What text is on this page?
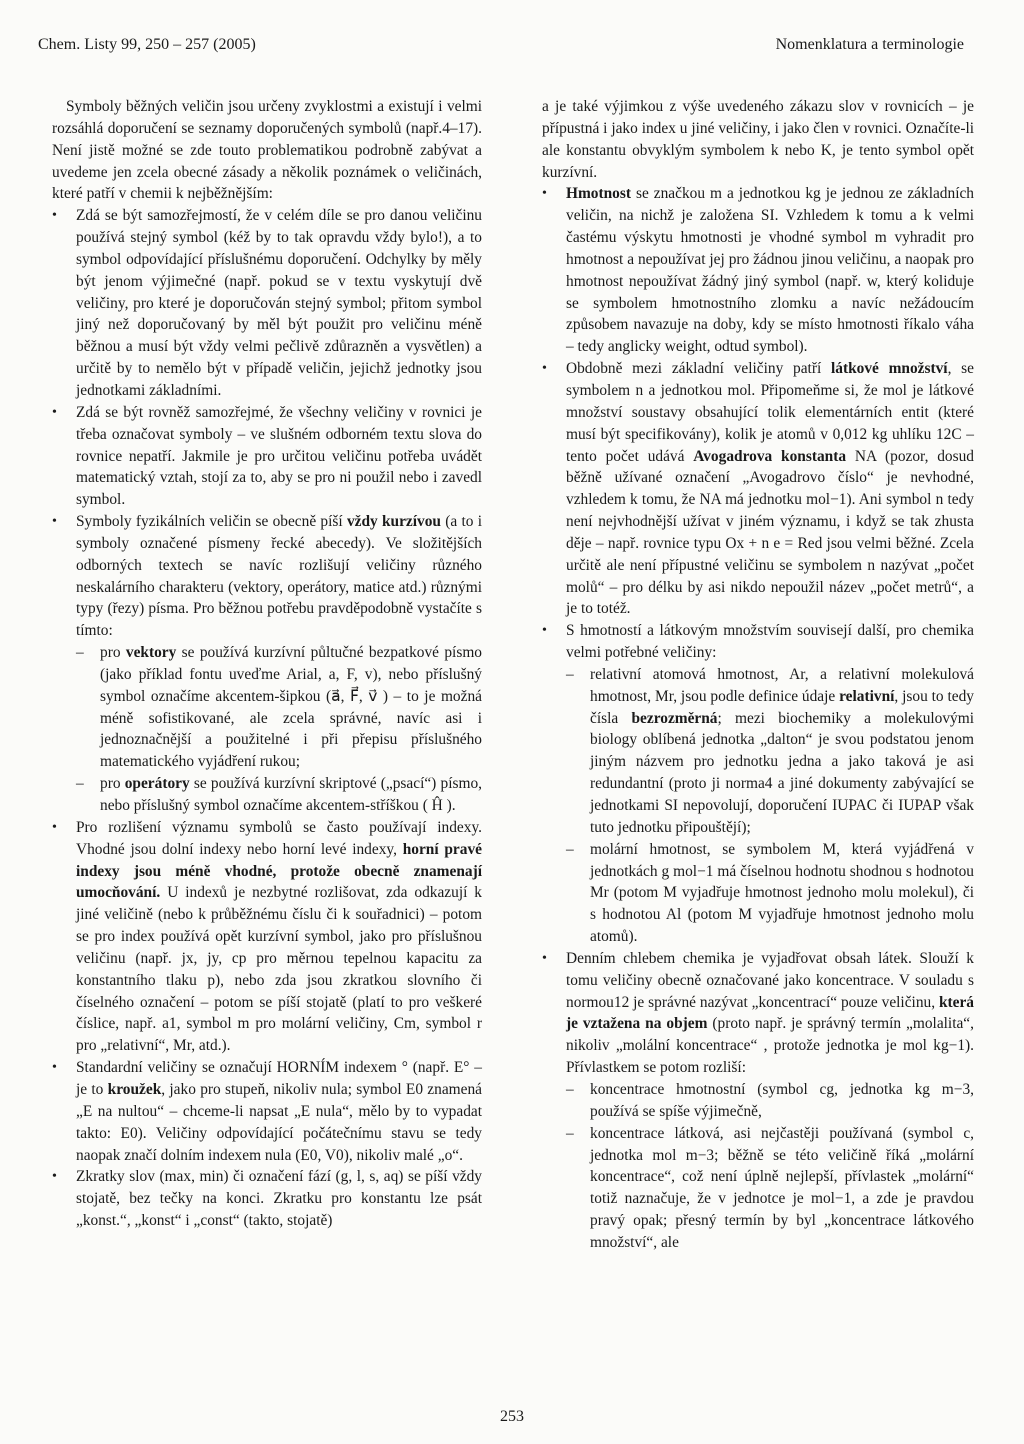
Chem. Listy 99, 250 – 257 (2005)	Nomenklatura a terminologie

Symboly běžných veličin jsou určeny zvyklostmi a existují i velmi rozsáhlá doporučení se seznamy doporučených symbolů (např.4–17). Není jistě možné se zde touto problematikou podrobně zabývat a uvedeme jen zcela obecné zásady a několik poznámek o veličinách, které patří v chemii k nejběžnějším:

• Zdá se být samozřejmostí, že v celém díle se pro danou veličinu používá stejný symbol (kéž by to tak opravdu vždy bylo!), a to symbol odpovídající příslušnému doporučení. Odchylky by měly být jenom výjimečné (např. pokud se v textu vyskytují dvě veličiny, pro které je doporučován stejný symbol; přitom symbol jiný než doporučovaný by měl být použit pro veličinu méně běžnou a musí být vždy velmi pečlivě zdůrazněn a vysvětlen) a určitě by to nemělo být v případě veličin, jejichž jednotky jsou jednotkami základními.
• Zdá se být rovněž samozřejmé, že všechny veličiny v rovnici je třeba označovat symboly – ve slušném odborném textu slova do rovnice nepatří. Jakmile je pro určitou veličinu potřeba uvádět matematický vztah, stojí za to, aby se pro ni použil nebo i zavedl symbol.
• Symboly fyzikálních veličin se obecně píší vždy kurzívou (a to i symboly označené písmeny řecké abecedy). Ve složitějších odborných textech se navíc rozlišují veličiny různého neskalárního charakteru (vektory, operátory, matice atd.) různými typy (řezy) písma. Pro běžnou potřebu pravděpodobně vystačíte s tímto:
– pro vektory se používá kurzívní půltučné bezpatkové písmo (jako příklad fontu uveďme Arial, a, F, v), nebo příslušný symbol označíme akcentem-šipkou (a⃗, F⃗, v⃗ ) – to je možná méně sofistikované, ale zcela správné, navíc asi i jednoznačnější a použitelné i při přepisu příslušného matematického vyjádření rukou;
– pro operátory se používá kurzívní skriptové („psací“) písmo, nebo příslušný symbol označíme akcentem-stříškou ( Ĥ ).
• Pro rozlišení významu symbolů se často používají indexy. Vhodné jsou dolní indexy nebo horní levé indexy, horní pravé indexy jsou méně vhodné, protože obecně znamenají umocňování. U indexů je nezbytné rozlišovat, zda odkazují k jiné veličině (nebo k průběžnému číslu či k souřadnici) – potom se pro index používá opět kurzívní symbol, jako pro příslušnou veličinu (např. jx, jy, cp pro měrnou tepelnou kapacitu za konstantního tlaku p), nebo zda jsou zkratkou slovního či číselného označení – potom se píší stojatě (platí to pro veškeré číslice, např. a1, symbol m pro molární veličiny, Cm, symbol r pro „relativní“, Mr, atd.).
• Standardní veličiny se označují HORNÍM indexem ° (např. E° – je to kroužek, jako pro stupeň, nikoliv nula; symbol E0 znamená „E na nultou“ – chceme-li napsat „E nula“, mělo by to vypadat takto: E0). Veličiny odpovídající počátečnímu stavu se tedy naopak značí dolním indexem nula (E0, V0), nikoliv malé „o“.
• Zkratky slov (max, min) či označení fází (g, l, s, aq) se píší vždy stojatě, bez tečky na konci. Zkratku pro konstantu lze psát „konst.“, „konst“ i „const“ (takto, stojatě)

a je také výjimkou z výše uvedeného zákazu slov v rovnicích – je přípustná i jako index u jiné veličiny, i jako člen v rovnici. Označíte-li ale konstantu obvyklým symbolem k nebo K, je tento symbol opět kurzívní.

• Hmotnost se značkou m a jednotkou kg je jednou ze základních veličin, na nichž je založena SI. Vzhledem k tomu a k velmi častému výskytu hmotnosti je vhodné symbol m vyhradit pro hmotnost a nepoužívat jej pro žádnou jinou veličinu, a naopak pro hmotnost nepoužívat žádný jiný symbol (např. w, který koliduje se symbolem hmotnostního zlomku a navíc nežádoucím způsobem navazuje na doby, kdy se místo hmotnosti říkalo váha – tedy anglicky weight, odtud symbol).
• Obdobně mezi základní veličiny patří látkové množství, se symbolem n a jednotkou mol. Připomeňme si, že mol je látkové množství soustavy obsahující tolik elementárních entit (které musí být specifikovány), kolik je atomů v 0,012 kg uhlíku 12C – tento počet udává Avogadrova konstanta NA (pozor, dosud běžně užívané označení „Avogadrovo číslo“ je nevhodné, vzhledem k tomu, že NA má jednotku mol−1). Ani symbol n tedy není nejvhodnější užívat v jiném významu, i když se tak zhusta děje – např. rovnice typu Ox + n e = Red jsou velmi běžné. Zcela určitě ale není přípustné veličinu se symbolem n nazývat „počet molů“ – pro délku by asi nikdo nepoužil název „počet metrů“, a je to totéž.
• S hmotností a látkovým množstvím souvisejí další, pro chemika velmi potřebné veličiny:
– relativní atomová hmotnost, Ar, a relativní molekulová hmotnost, Mr, jsou podle definice údaje relativní, jsou to tedy čísla bezrozměrná; mezi biochemiky a molekulovými biology oblíbená jednotka „dalton“ je svou podstatou jenom jiným názvem pro jednotku jedna a jako taková je asi redundantní (proto ji norma4 a jiné dokumenty zabývající se jednotkami SI nepovolují, doporučení IUPAC či IUPAP však tuto jednotku připouštějí);
– molární hmotnost, se symbolem M, která vyjádřená v jednotkách g mol−1 má číselnou hodnotu shodnou s hodnotou Mr (potom M vyjadřuje hmotnost jednoho molu molekul), či s hodnotou Al (potom M vyjadřuje hmotnost jednoho molu atomů).
• Denním chlebem chemika je vyjadřovat obsah látek. Slouží k tomu veličiny obecně označované jako koncentrace. V souladu s normou12 je správné nazývat „koncentrací“ pouze veličinu, která je vztažena na objem (proto např. je správný termín „molalita“, nikoliv „molální koncentrace“ , protože jednotka je mol kg−1). Přívlastkem se potom rozliší:
– koncentrace hmotnostní (symbol cg, jednotka kg m−3, používá se spíše výjimečně,
– koncentrace látková, asi nejčastěji používaná (symbol c, jednotka mol m−3; běžně se této veličině říká „molární koncentrace“, což není úplně nejlepší, přívlastek „molární“ totiž naznačuje, že v jednotce je mol−1, a zde je pravdou pravý opak; přesný termín by byl „koncentrace látkového množství“, ale
253
